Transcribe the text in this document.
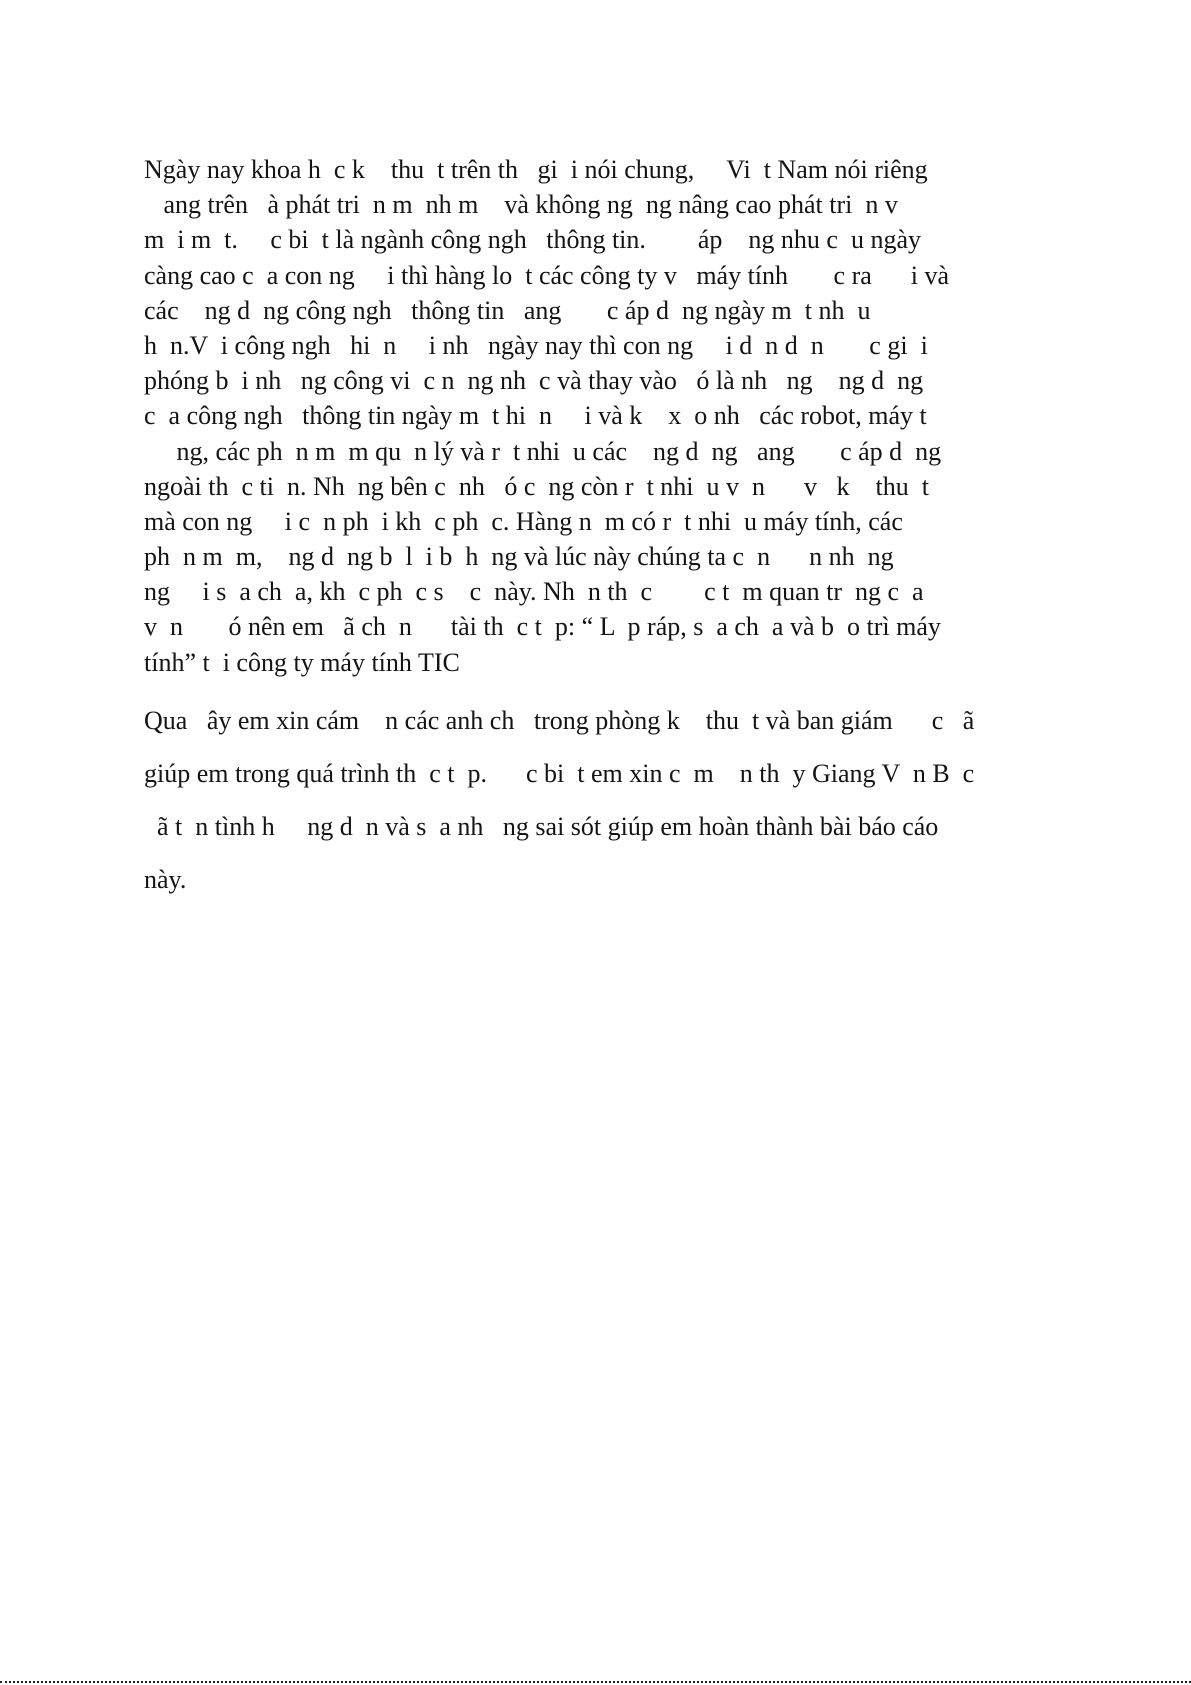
Ngày nay khoa h  c k    thu  t trên th   gi  i nói chung,     Vi  t Nam nói riêng
ang trên   à phát tri  n m  nh m    và không ng  ng nâng cao phát tri  n v
m  i m  t.     c bi  t là ngành công ngh   thông tin.        áp    ng nhu c  u ngày
càng cao c  a con ng     i thì hàng lo  t các công ty v   máy tính       c ra      i và
các    ng d  ng công ngh   thông tin   ang       c áp d  ng ngày m  t nh  u
h  n.V  i công ngh   hi  n     i nh   ngày nay thì con ng     i d  n d  n       c gi  i
phóng b  i nh   ng công vi  c n  ng nh  c và thay vào   ó là nh   ng    ng d  ng
c  a công ngh   thông tin ngày m  t hi  n     i và k    x  o nh   các robot, máy t
ng, các ph  n m  m qu  n lý và r  t nhi  u các    ng d  ng   ang       c áp d  ng
ngoài th  c ti  n. Nh  ng bên c  nh   ó c  ng còn r  t nhi  u v  n      v   k    thu  t
mà con ng     i c  n ph  i kh  c ph  c. Hàng n  m có r  t nhi  u máy tính, các
ph  n m  m,    ng d  ng b  l  i b  h  ng và lúc này chúng ta c  n      n nh  ng
ng     i s  a ch  a, kh  c ph  c s    c  này. Nh  n th  c        c t  m quan tr  ng c  a
v  n       ó nên em   ã ch  n      tài th  c t  p: “ L  p ráp, s  a ch  a và b  o trì máy
tính” t  i công ty máy tính TIC
Qua   ây em xin cám    n các anh ch   trong phòng k    thu  t và ban giám      c   ã
giúp em trong quá trình th  c t  p.      c bi  t em xin c  m    n th  y Giang V  n B  c
ã t  n tình h     ng d  n và s  a nh   ng sai sót giúp em hoàn thành bài báo cáo
này.
